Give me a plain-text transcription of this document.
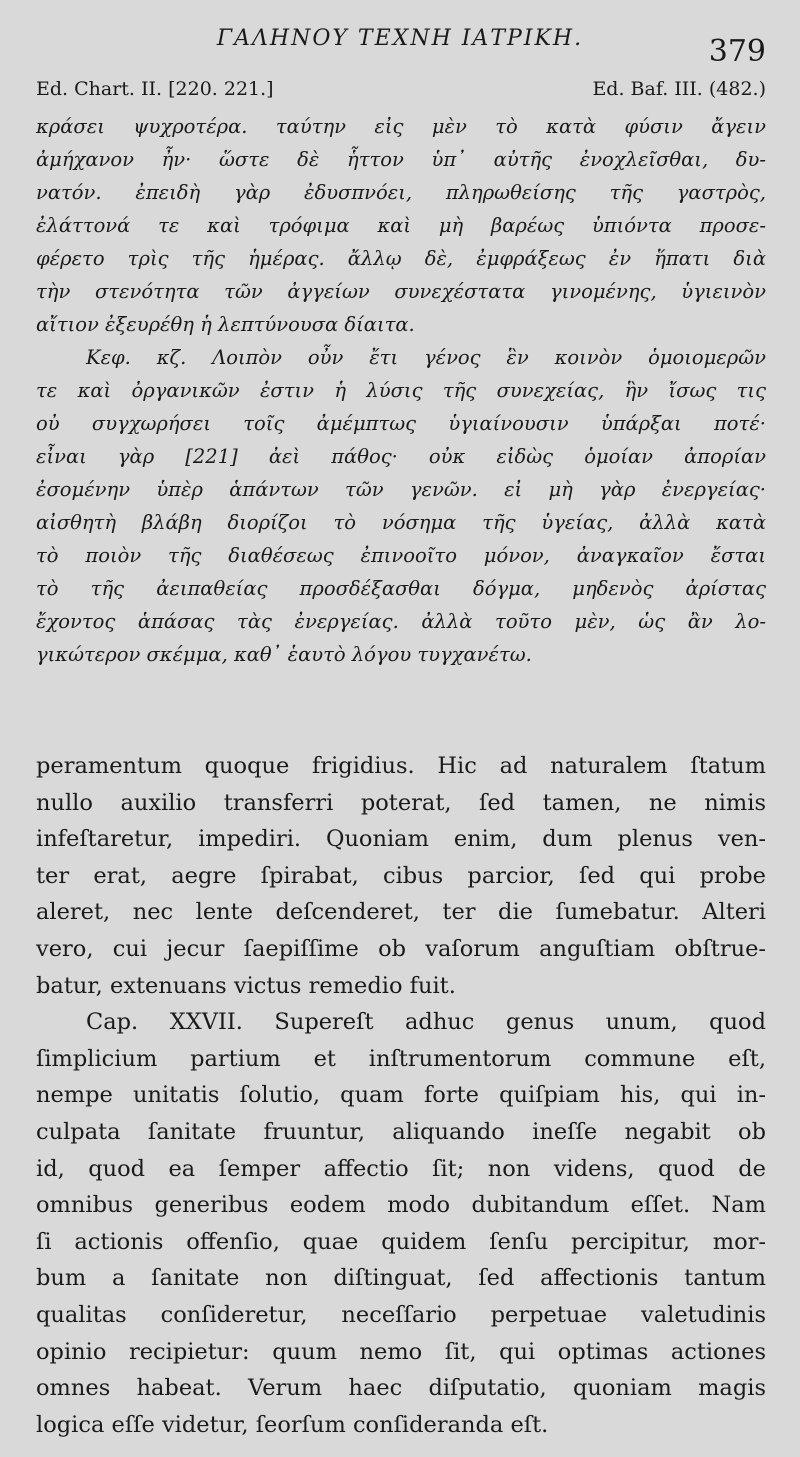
ΓΑΛΗΝΟΥ ΤΕΧΝΗ ΙΑΤΡΙΚΗ.	379
Ed. Chart. II. [220. 221.]	Ed. Baf. III. (482.)
κράσει ψυχροτέρα. ταύτην εἰς μὲν τὸ κατὰ φύσιν ἄγειν
ἀμήχανον ἦν· ὥστε δὲ ἧττον ὑπ᾿ αὐτῆς ἐνοχλεῖσθαι, δυ-
νατόν. ἐπειδὴ γὰρ ἐδυσπνόει, πληρωθείσης τῆς γαστρὸς,
ἐλάττονά τε καὶ τρόφιμα καὶ μὴ βαρέως ὑπιόντα προσε-
φέρετο τρὶς τῆς ἡμέρας. ἄλλῳ δὲ, ἐμφράξεως ἐν ἥπατι διὰ
τὴν στενότητα τῶν ἀγγείων συνεχέστατα γινομένης, ὑγιεινὸν
αἴτιον ἐξευρέθη ἡ λεπτύνουσα δίαιτα.
Κεφ. κζ. Λοιπὸν οὖν ἔτι γένος ἓν κοινὸν ὁμοιομερῶν
τε καὶ ὀργανικῶν ἐστιν ἡ λύσις τῆς συνεχείας, ἣν ἴσως τις
οὐ συγχωρήσει τοῖς ἀμέμπτως ὑγιαίνουσιν ὑπάρξαι ποτέ·
εἶναι γὰρ [221] ἀεὶ πάθος· οὐκ εἰδὼς ὁμοίαν ἀπορίαν
ἐσομένην ὑπὲρ ἁπάντων τῶν γενῶν. εἰ μὴ γὰρ ἐνεργείας·
αἰσθητὴ βλάβη διορίζοι τὸ νόσημα τῆς ὑγείας, ἀλλὰ κατὰ
τὸ ποιὸν τῆς διαθέσεως ἐπινοοῖτο μόνον, ἀναγκαῖον ἔσται
τὸ τῆς ἀειπαθείας προσδέξασθαι δόγμα, μηδενὸς ἀρίστας
ἔχοντος ἁπάσας τὰς ἐνεργείας. ἀλλὰ τοῦτο μὲν, ὡς ἂν λο-
γικώτερον σκέμμα, καθ᾿ ἑαυτὸ λόγου τυγχανέτω.
peramentum quoque frigidius. Hic ad naturalem ſtatum
nullo auxilio transferri poterat, ſed tamen, ne nimis
infeſtaretur, impediri. Quoniam enim, dum plenus ven-
ter erat, aegre ſpirabat, cibus parcior, ſed qui probe
aleret, nec lente deſcenderet, ter die ſumebatur. Alteri
vero, cui jecur ſaepiſſime ob vaſorum anguſtiam obſtrue-
batur, extenuans victus remedio fuit.
Cap. XXVII. Supereſt adhuc genus unum, quod
ſimplicium partium et inſtrumentorum commune eſt,
nempe unitatis ſolutio, quam forte quiſpiam his, qui in-
culpata ſanitate fruuntur, aliquando ineſſe negabit ob
id, quod ea ſemper affectio ſit; non videns, quod de
omnibus generibus eodem modo dubitandum eſſet. Nam
ſi actionis offenſio, quae quidem ſenſu percipitur, mor-
bum a ſanitate non diſtinguat, ſed affectionis tantum
qualitas conſideretur, neceſſario perpetuae valetudinis
opinio recipietur: quum nemo ſit, qui optimas actiones
omnes habeat. Verum haec diſputatio, quoniam magis
logica eſſe videtur, ſeorſum conſideranda eſt.
